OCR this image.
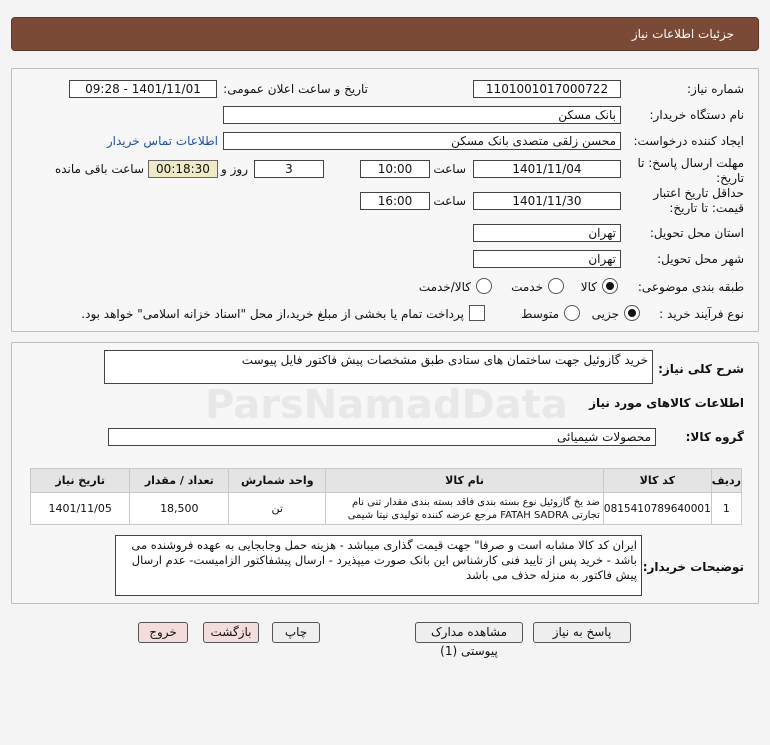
جزئیات اطلاعات نیاز
شماره نیاز:
1101001017000722
تاریخ و ساعت اعلان عمومی:
1401/11/01 - 09:28
نام دستگاه خریدار:
بانک مسکن
ایجاد کننده درخواست:
محسن زلقی متصدی بانک مسکن
اطلاعات تماس خریدار
مهلت ارسال پاسخ: تا تاریخ:
1401/11/04
ساعت
10:00
3
روز و
00:18:30
ساعت باقی مانده
حداقل تاریخ اعتبار قیمت: تا تاریخ:
1401/11/30
ساعت
16:00
استان محل تحویل:
تهران
شهر محل تحویل:
تهران
طبقه بندی موضوعی:
کالا
خدمت
کالا/خدمت
نوع فرآیند خرید :
جزیی
متوسط
پرداخت تمام یا بخشی از مبلغ خرید،از محل "اسناد خزانه اسلامی" خواهد بود.
شرح کلی نیاز:
خرید گازوئیل جهت ساختمان های ستادی طبق مشخصات پیش فاکتور فایل پیوست
اطلاعات کالاهای مورد نیاز
گروه کالا:
محصولات شیمیائی
ردیف	کد کالا	نام کالا	واحد شمارش	تعداد / مقدار	تاریخ نیاز
1	0815410789640001	ضد یخ گازوئیل نوع بسته بندی فاقد بسته بندی مقدار تنی نام تجارتی FATAH SADRA مرجع عرضه کننده تولیدی نیتا شیمی	تن	18,500	1401/11/05
توضیحات خریدار:
ایران کد کالا مشابه است و صرفا" جهت قیمت گذاری میباشد - هزینه حمل وجابجایی به عهده فروشنده می باشد - خرید پس از تایید فنی کارشناس این بانک صورت میپذیرد - ارسال پیشفاکتور الزامیست- عدم ارسال پیش فاکتور به منزله حذف می باشد
پاسخ به نیاز
مشاهده مدارک پیوستی (1)
چاپ
بازگشت
خروج
ParsNamadData
